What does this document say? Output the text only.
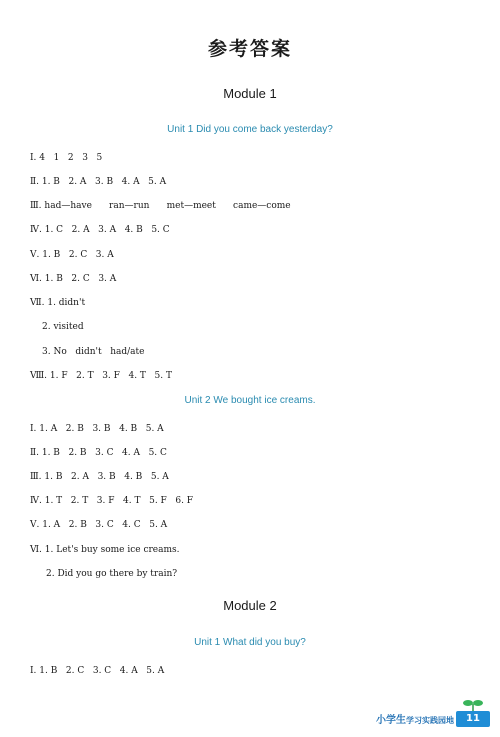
参考答案
Module 1
Unit 1 Did you come back yesterday?
Ⅰ. 4   1   2   3   5
Ⅱ. 1. B   2. A   3. B   4. A   5. A
Ⅲ. had—have      ran—run      met—meet      came—come
Ⅳ. 1. C   2. A   3. A   4. B   5. C
Ⅴ. 1. B   2. C   3. A
Ⅵ. 1. B   2. C   3. A
Ⅶ. 1. didn't
2. visited
3. No   didn't   had/ate
Ⅷ. 1. F   2. T   3. F   4. T   5. T
Unit 2 We bought ice creams.
Ⅰ. 1. A   2. B   3. B   4. B   5. A
Ⅱ. 1. B   2. B   3. C   4. A   5. C
Ⅲ. 1. B   2. A   3. B   4. B   5. A
Ⅳ. 1. T   2. T   3. F   4. T   5. F   6. F
Ⅴ. 1. A   2. B   3. C   4. C   5. A
Ⅵ. 1. Let's buy some ice creams.
2. Did you go there by train?
Module 2
Unit 1 What did you buy?
Ⅰ. 1. B   2. C   3. C   4. A   5. A
小学生学习实践园地	11
